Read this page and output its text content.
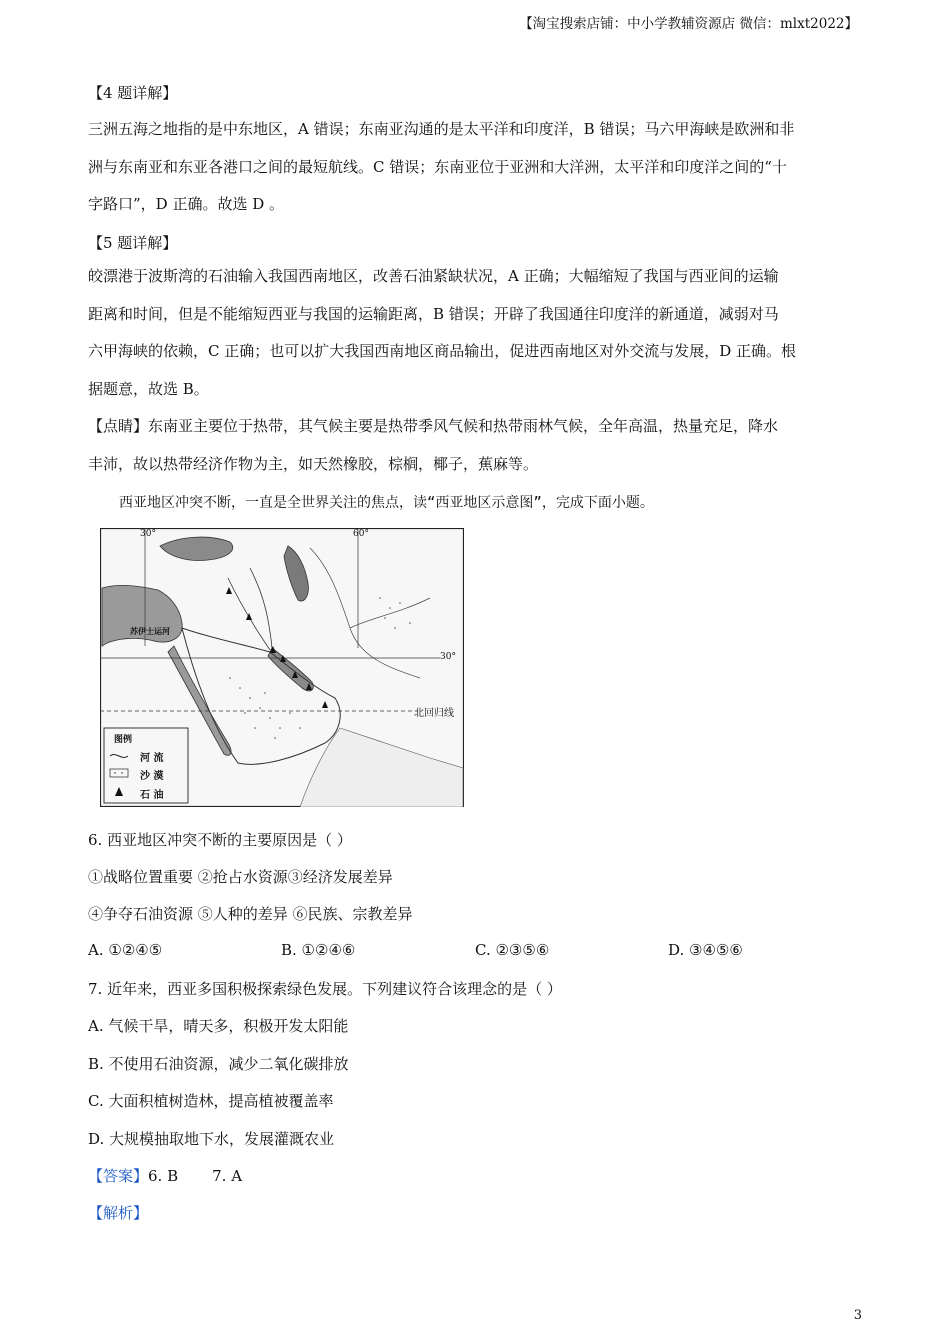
【淘宝搜索店铺：中小学教辅资源店 微信：mlxt2022】
【4 题详解】
三洲五海之地指的是中东地区，A 错误；东南亚沟通的是太平洋和印度洋，B 错误；马六甲海峡是欧洲和非
洲与东南亚和东亚各港口之间的最短航线。C 错误；东南亚位于亚洲和大洋洲，太平洋和印度洋之间的“十
字路口”，D 正确。故选 D 。
【5 题详解】
皎漂港于波斯湾的石油输入我国西南地区，改善石油紧缺状况，A 正确；大幅缩短了我国与西亚间的运输
距离和时间，但是不能缩短西亚与我国的运输距离，B 错误；开辟了我国通往印度洋的新通道，减弱对马
六甲海峡的依赖，C 正确；也可以扩大我国西南地区商品输出，促进西南地区对外交流与发展，D 正确。根
据题意，故选 B。
【点睛】东南亚主要位于热带，其气候主要是热带季风气候和热带雨林气候，全年高温，热量充足，降水
丰沛，故以热带经济作物为主，如天然橡胶，棕榈，椰子，蕉麻等。
西亚地区冲突不断，一直是全世界关注的焦点，读“西亚地区示意图”，完成下面小题。
30°	60°
30°
北回归线
苏伊士运河
图例
河 流
沙 漠
石 油
6. 西亚地区冲突不断的主要原因是（ ）
①战略位置重要 ②抢占水资源③经济发展差异
④争夺石油资源 ⑤人种的差异 ⑥民族、宗教差异
A. ①②④⑤	B. ①②④⑥	C. ②③⑤⑥	D. ③④⑤⑥
7. 近年来，西亚多国积极探索绿色发展。下列建议符合该理念的是（ ）
A. 气候干旱，晴天多，积极开发太阳能
B. 不使用石油资源，减少二氧化碳排放
C. 大面积植树造林，提高植被覆盖率
D. 大规模抽取地下水，发展灌溉农业
【答案】6. B 7. A
【解析】
3
